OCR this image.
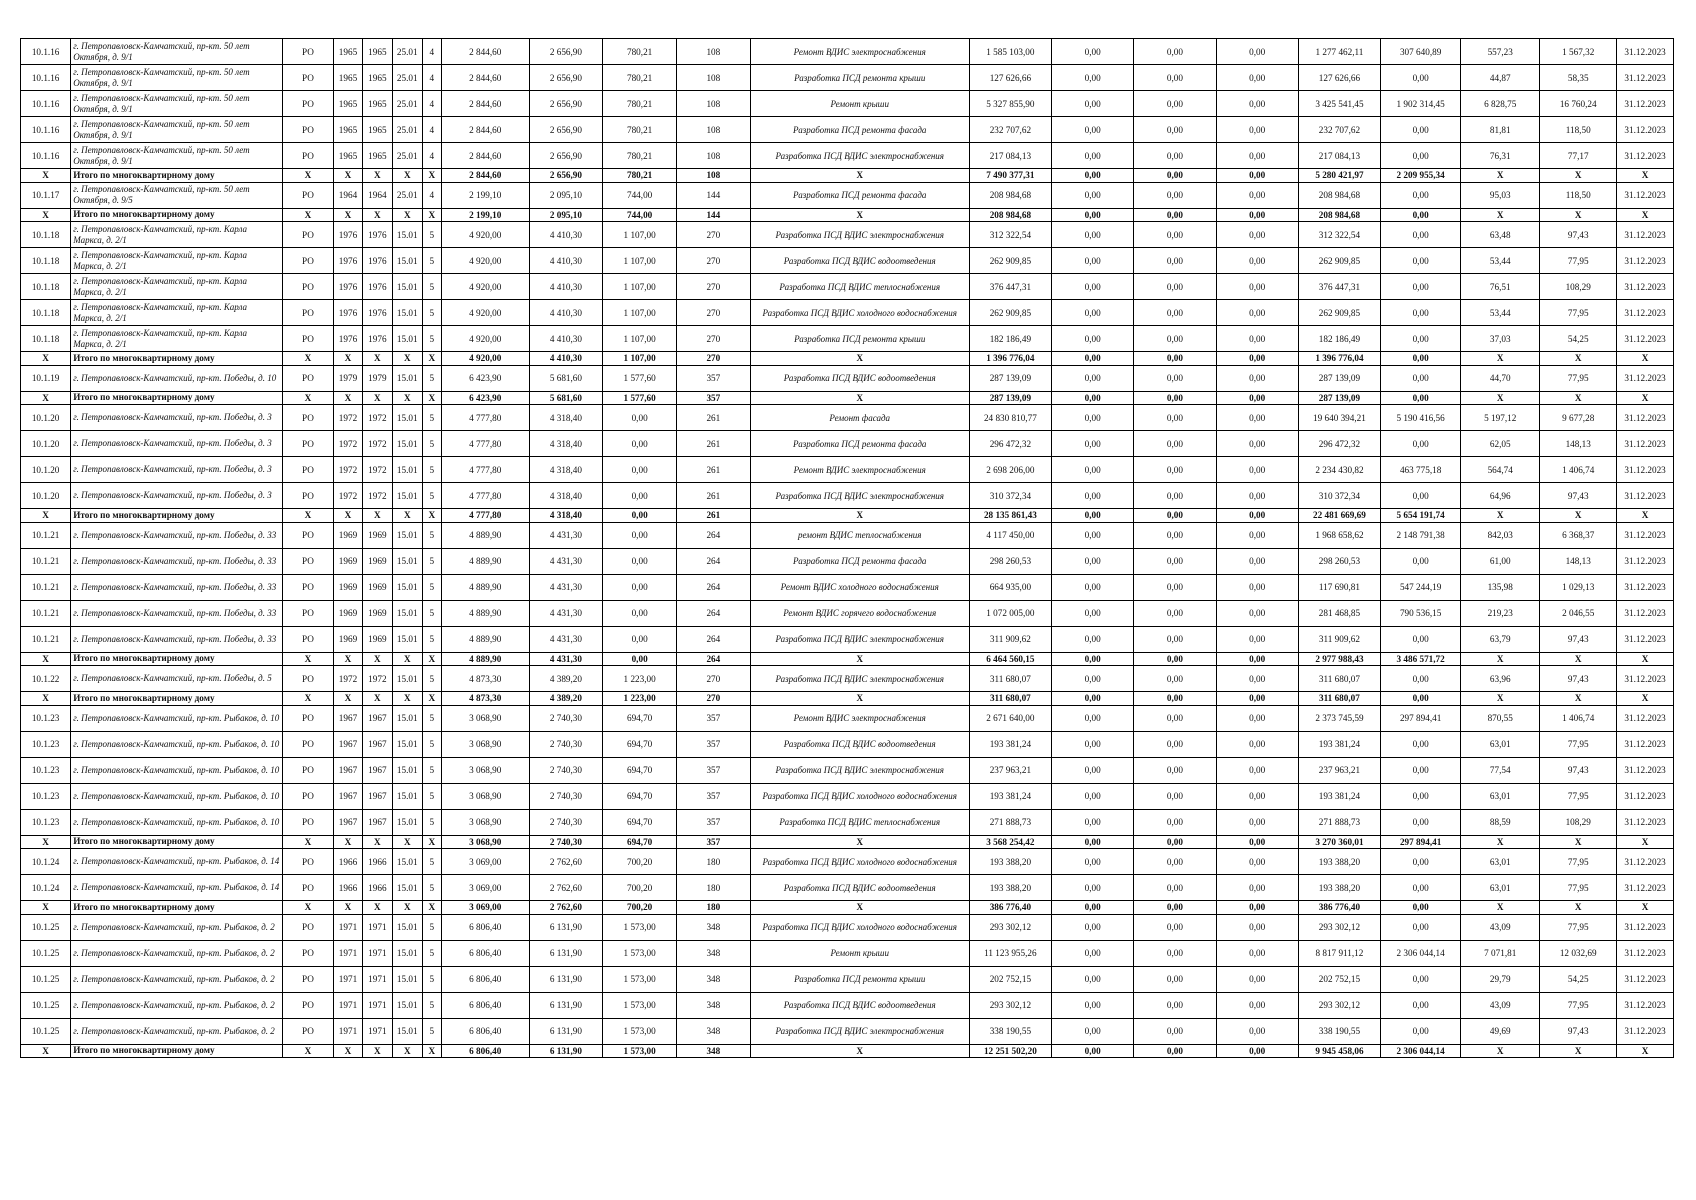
10.1.16	г. Петропавловск-Камчатский, пр-кт. 50 лет Октября, д. 9/1	РО	1965	1965	25.01	4	2 844,60	2 656,90	780,21	108	Ремонт ВДИС электроснабжения	1 585 103,00	0,00	0,00	0,00	1 277 462,11	307 640,89	557,23	1 567,32	31.12.2023
10.1.16	г. Петропавловск-Камчатский, пр-кт. 50 лет Октября, д. 9/1	РО	1965	1965	25.01	4	2 844,60	2 656,90	780,21	108	Разработка ПСД ремонта крыши	127 626,66	0,00	0,00	0,00	127 626,66	0,00	44,87	58,35	31.12.2023
10.1.16	г. Петропавловск-Камчатский, пр-кт. 50 лет Октября, д. 9/1	РО	1965	1965	25.01	4	2 844,60	2 656,90	780,21	108	Ремонт крыши	5 327 855,90	0,00	0,00	0,00	3 425 541,45	1 902 314,45	6 828,75	16 760,24	31.12.2023
10.1.16	г. Петропавловск-Камчатский, пр-кт. 50 лет Октября, д. 9/1	РО	1965	1965	25.01	4	2 844,60	2 656,90	780,21	108	Разработка ПСД ремонта фасада	232 707,62	0,00	0,00	0,00	232 707,62	0,00	81,81	118,50	31.12.2023
10.1.16	г. Петропавловск-Камчатский, пр-кт. 50 лет Октября, д. 9/1	РО	1965	1965	25.01	4	2 844,60	2 656,90	780,21	108	Разработка ПСД ВДИС электроснабжения	217 084,13	0,00	0,00	0,00	217 084,13	0,00	76,31	77,17	31.12.2023
X	Итого по многоквартирному дому	X	X	X	X	X	2 844,60	2 656,90	780,21	108	X	7 490 377,31	0,00	0,00	0,00	5 280 421,97	2 209 955,34	X	X	X
10.1.17	г. Петропавловск-Камчатский, пр-кт. 50 лет Октября, д. 9/5	РО	1964	1964	25.01	4	2 199,10	2 095,10	744,00	144	Разработка ПСД ремонта фасада	208 984,68	0,00	0,00	0,00	208 984,68	0,00	95,03	118,50	31.12.2023
X	Итого по многоквартирному дому	X	X	X	X	X	2 199,10	2 095,10	744,00	144	X	208 984,68	0,00	0,00	0,00	208 984,68	0,00	X	X	X
10.1.18	г. Петропавловск-Камчатский, пр-кт. Карла Маркса, д. 2/1	РО	1976	1976	15.01	5	4 920,00	4 410,30	1 107,00	270	Разработка ПСД ВДИС электроснабжения	312 322,54	0,00	0,00	0,00	312 322,54	0,00	63,48	97,43	31.12.2023
10.1.18	г. Петропавловск-Камчатский, пр-кт. Карла Маркса, д. 2/1	РО	1976	1976	15.01	5	4 920,00	4 410,30	1 107,00	270	Разработка ПСД ВДИС водоотведения	262 909,85	0,00	0,00	0,00	262 909,85	0,00	53,44	77,95	31.12.2023
10.1.18	г. Петропавловск-Камчатский, пр-кт. Карла Маркса, д. 2/1	РО	1976	1976	15.01	5	4 920,00	4 410,30	1 107,00	270	Разработка ПСД ВДИС теплоснабжения	376 447,31	0,00	0,00	0,00	376 447,31	0,00	76,51	108,29	31.12.2023
10.1.18	г. Петропавловск-Камчатский, пр-кт. Карла Маркса, д. 2/1	РО	1976	1976	15.01	5	4 920,00	4 410,30	1 107,00	270	Разработка ПСД ВДИС холодного водоснабжения	262 909,85	0,00	0,00	0,00	262 909,85	0,00	53,44	77,95	31.12.2023
10.1.18	г. Петропавловск-Камчатский, пр-кт. Карла Маркса, д. 2/1	РО	1976	1976	15.01	5	4 920,00	4 410,30	1 107,00	270	Разработка ПСД ремонта крыши	182 186,49	0,00	0,00	0,00	182 186,49	0,00	37,03	54,25	31.12.2023
X	Итого по многоквартирному дому	X	X	X	X	X	4 920,00	4 410,30	1 107,00	270	X	1 396 776,04	0,00	0,00	0,00	1 396 776,04	0,00	X	X	X
10.1.19	г. Петропавловск-Камчатский, пр-кт. Победы, д. 10	РО	1979	1979	15.01	5	6 423,90	5 681,60	1 577,60	357	Разработка ПСД ВДИС водоотведения	287 139,09	0,00	0,00	0,00	287 139,09	0,00	44,70	77,95	31.12.2023
X	Итого по многоквартирному дому	X	X	X	X	X	6 423,90	5 681,60	1 577,60	357	X	287 139,09	0,00	0,00	0,00	287 139,09	0,00	X	X	X
10.1.20	г. Петропавловск-Камчатский, пр-кт. Победы, д. 3	РО	1972	1972	15.01	5	4 777,80	4 318,40	0,00	261	Ремонт фасада	24 830 810,77	0,00	0,00	0,00	19 640 394,21	5 190 416,56	5 197,12	9 677,28	31.12.2023
10.1.20	г. Петропавловск-Камчатский, пр-кт. Победы, д. 3	РО	1972	1972	15.01	5	4 777,80	4 318,40	0,00	261	Разработка ПСД ремонта фасада	296 472,32	0,00	0,00	0,00	296 472,32	0,00	62,05	148,13	31.12.2023
10.1.20	г. Петропавловск-Камчатский, пр-кт. Победы, д. 3	РО	1972	1972	15.01	5	4 777,80	4 318,40	0,00	261	Ремонт ВДИС электроснабжения	2 698 206,00	0,00	0,00	0,00	2 234 430,82	463 775,18	564,74	1 406,74	31.12.2023
10.1.20	г. Петропавловск-Камчатский, пр-кт. Победы, д. 3	РО	1972	1972	15.01	5	4 777,80	4 318,40	0,00	261	Разработка ПСД ВДИС электроснабжения	310 372,34	0,00	0,00	0,00	310 372,34	0,00	64,96	97,43	31.12.2023
X	Итого по многоквартирному дому	X	X	X	X	X	4 777,80	4 318,40	0,00	261	X	28 135 861,43	0,00	0,00	0,00	22 481 669,69	5 654 191,74	X	X	X
10.1.21	г. Петропавловск-Камчатский, пр-кт. Победы, д. 33	РО	1969	1969	15.01	5	4 889,90	4 431,30	0,00	264	ремонт ВДИС теплоснабжения	4 117 450,00	0,00	0,00	0,00	1 968 658,62	2 148 791,38	842,03	6 368,37	31.12.2023
10.1.21	г. Петропавловск-Камчатский, пр-кт. Победы, д. 33	РО	1969	1969	15.01	5	4 889,90	4 431,30	0,00	264	Разработка ПСД ремонта фасада	298 260,53	0,00	0,00	0,00	298 260,53	0,00	61,00	148,13	31.12.2023
10.1.21	г. Петропавловск-Камчатский, пр-кт. Победы, д. 33	РО	1969	1969	15.01	5	4 889,90	4 431,30	0,00	264	Ремонт ВДИС холодного водоснабжения	664 935,00	0,00	0,00	0,00	117 690,81	547 244,19	135,98	1 029,13	31.12.2023
10.1.21	г. Петропавловск-Камчатский, пр-кт. Победы, д. 33	РО	1969	1969	15.01	5	4 889,90	4 431,30	0,00	264	Ремонт ВДИС горячего водоснабжения	1 072 005,00	0,00	0,00	0,00	281 468,85	790 536,15	219,23	2 046,55	31.12.2023
10.1.21	г. Петропавловск-Камчатский, пр-кт. Победы, д. 33	РО	1969	1969	15.01	5	4 889,90	4 431,30	0,00	264	Разработка ПСД ВДИС электроснабжения	311 909,62	0,00	0,00	0,00	311 909,62	0,00	63,79	97,43	31.12.2023
X	Итого по многоквартирному дому	X	X	X	X	X	4 889,90	4 431,30	0,00	264	X	6 464 560,15	0,00	0,00	0,00	2 977 988,43	3 486 571,72	X	X	X
10.1.22	г. Петропавловск-Камчатский, пр-кт. Победы, д. 5	РО	1972	1972	15.01	5	4 873,30	4 389,20	1 223,00	270	Разработка ПСД ВДИС электроснабжения	311 680,07	0,00	0,00	0,00	311 680,07	0,00	63,96	97,43	31.12.2023
X	Итого по многоквартирному дому	X	X	X	X	X	4 873,30	4 389,20	1 223,00	270	X	311 680,07	0,00	0,00	0,00	311 680,07	0,00	X	X	X
10.1.23	г. Петропавловск-Камчатский, пр-кт. Рыбаков, д. 10	РО	1967	1967	15.01	5	3 068,90	2 740,30	694,70	357	Ремонт ВДИС электроснабжения	2 671 640,00	0,00	0,00	0,00	2 373 745,59	297 894,41	870,55	1 406,74	31.12.2023
10.1.23	г. Петропавловск-Камчатский, пр-кт. Рыбаков, д. 10	РО	1967	1967	15.01	5	3 068,90	2 740,30	694,70	357	Разработка ПСД ВДИС водоотведения	193 381,24	0,00	0,00	0,00	193 381,24	0,00	63,01	77,95	31.12.2023
10.1.23	г. Петропавловск-Камчатский, пр-кт. Рыбаков, д. 10	РО	1967	1967	15.01	5	3 068,90	2 740,30	694,70	357	Разработка ПСД ВДИС электроснабжения	237 963,21	0,00	0,00	0,00	237 963,21	0,00	77,54	97,43	31.12.2023
10.1.23	г. Петропавловск-Камчатский, пр-кт. Рыбаков, д. 10	РО	1967	1967	15.01	5	3 068,90	2 740,30	694,70	357	Разработка ПСД ВДИС холодного водоснабжения	193 381,24	0,00	0,00	0,00	193 381,24	0,00	63,01	77,95	31.12.2023
10.1.23	г. Петропавловск-Камчатский, пр-кт. Рыбаков, д. 10	РО	1967	1967	15.01	5	3 068,90	2 740,30	694,70	357	Разработка ПСД ВДИС теплоснабжения	271 888,73	0,00	0,00	0,00	271 888,73	0,00	88,59	108,29	31.12.2023
X	Итого по многоквартирному дому	X	X	X	X	X	3 068,90	2 740,30	694,70	357	X	3 568 254,42	0,00	0,00	0,00	3 270 360,01	297 894,41	X	X	X
10.1.24	г. Петропавловск-Камчатский, пр-кт. Рыбаков, д. 14	РО	1966	1966	15.01	5	3 069,00	2 762,60	700,20	180	Разработка ПСД ВДИС холодного водоснабжения	193 388,20	0,00	0,00	0,00	193 388,20	0,00	63,01	77,95	31.12.2023
10.1.24	г. Петропавловск-Камчатский, пр-кт. Рыбаков, д. 14	РО	1966	1966	15.01	5	3 069,00	2 762,60	700,20	180	Разработка ПСД ВДИС водоотведения	193 388,20	0,00	0,00	0,00	193 388,20	0,00	63,01	77,95	31.12.2023
X	Итого по многоквартирному дому	X	X	X	X	X	3 069,00	2 762,60	700,20	180	X	386 776,40	0,00	0,00	0,00	386 776,40	0,00	X	X	X
10.1.25	г. Петропавловск-Камчатский, пр-кт. Рыбаков, д. 2	РО	1971	1971	15.01	5	6 806,40	6 131,90	1 573,00	348	Разработка ПСД ВДИС холодного водоснабжения	293 302,12	0,00	0,00	0,00	293 302,12	0,00	43,09	77,95	31.12.2023
10.1.25	г. Петропавловск-Камчатский, пр-кт. Рыбаков, д. 2	РО	1971	1971	15.01	5	6 806,40	6 131,90	1 573,00	348	Ремонт крыши	11 123 955,26	0,00	0,00	0,00	8 817 911,12	2 306 044,14	7 071,81	12 032,69	31.12.2023
10.1.25	г. Петропавловск-Камчатский, пр-кт. Рыбаков, д. 2	РО	1971	1971	15.01	5	6 806,40	6 131,90	1 573,00	348	Разработка ПСД ремонта крыши	202 752,15	0,00	0,00	0,00	202 752,15	0,00	29,79	54,25	31.12.2023
10.1.25	г. Петропавловск-Камчатский, пр-кт. Рыбаков, д. 2	РО	1971	1971	15.01	5	6 806,40	6 131,90	1 573,00	348	Разработка ПСД ВДИС водоотведения	293 302,12	0,00	0,00	0,00	293 302,12	0,00	43,09	77,95	31.12.2023
10.1.25	г. Петропавловск-Камчатский, пр-кт. Рыбаков, д. 2	РО	1971	1971	15.01	5	6 806,40	6 131,90	1 573,00	348	Разработка ПСД ВДИС электроснабжения	338 190,55	0,00	0,00	0,00	338 190,55	0,00	49,69	97,43	31.12.2023
X	Итого по многоквартирному дому	X	X	X	X	X	6 806,40	6 131,90	1 573,00	348	X	12 251 502,20	0,00	0,00	0,00	9 945 458,06	2 306 044,14	X	X	X
